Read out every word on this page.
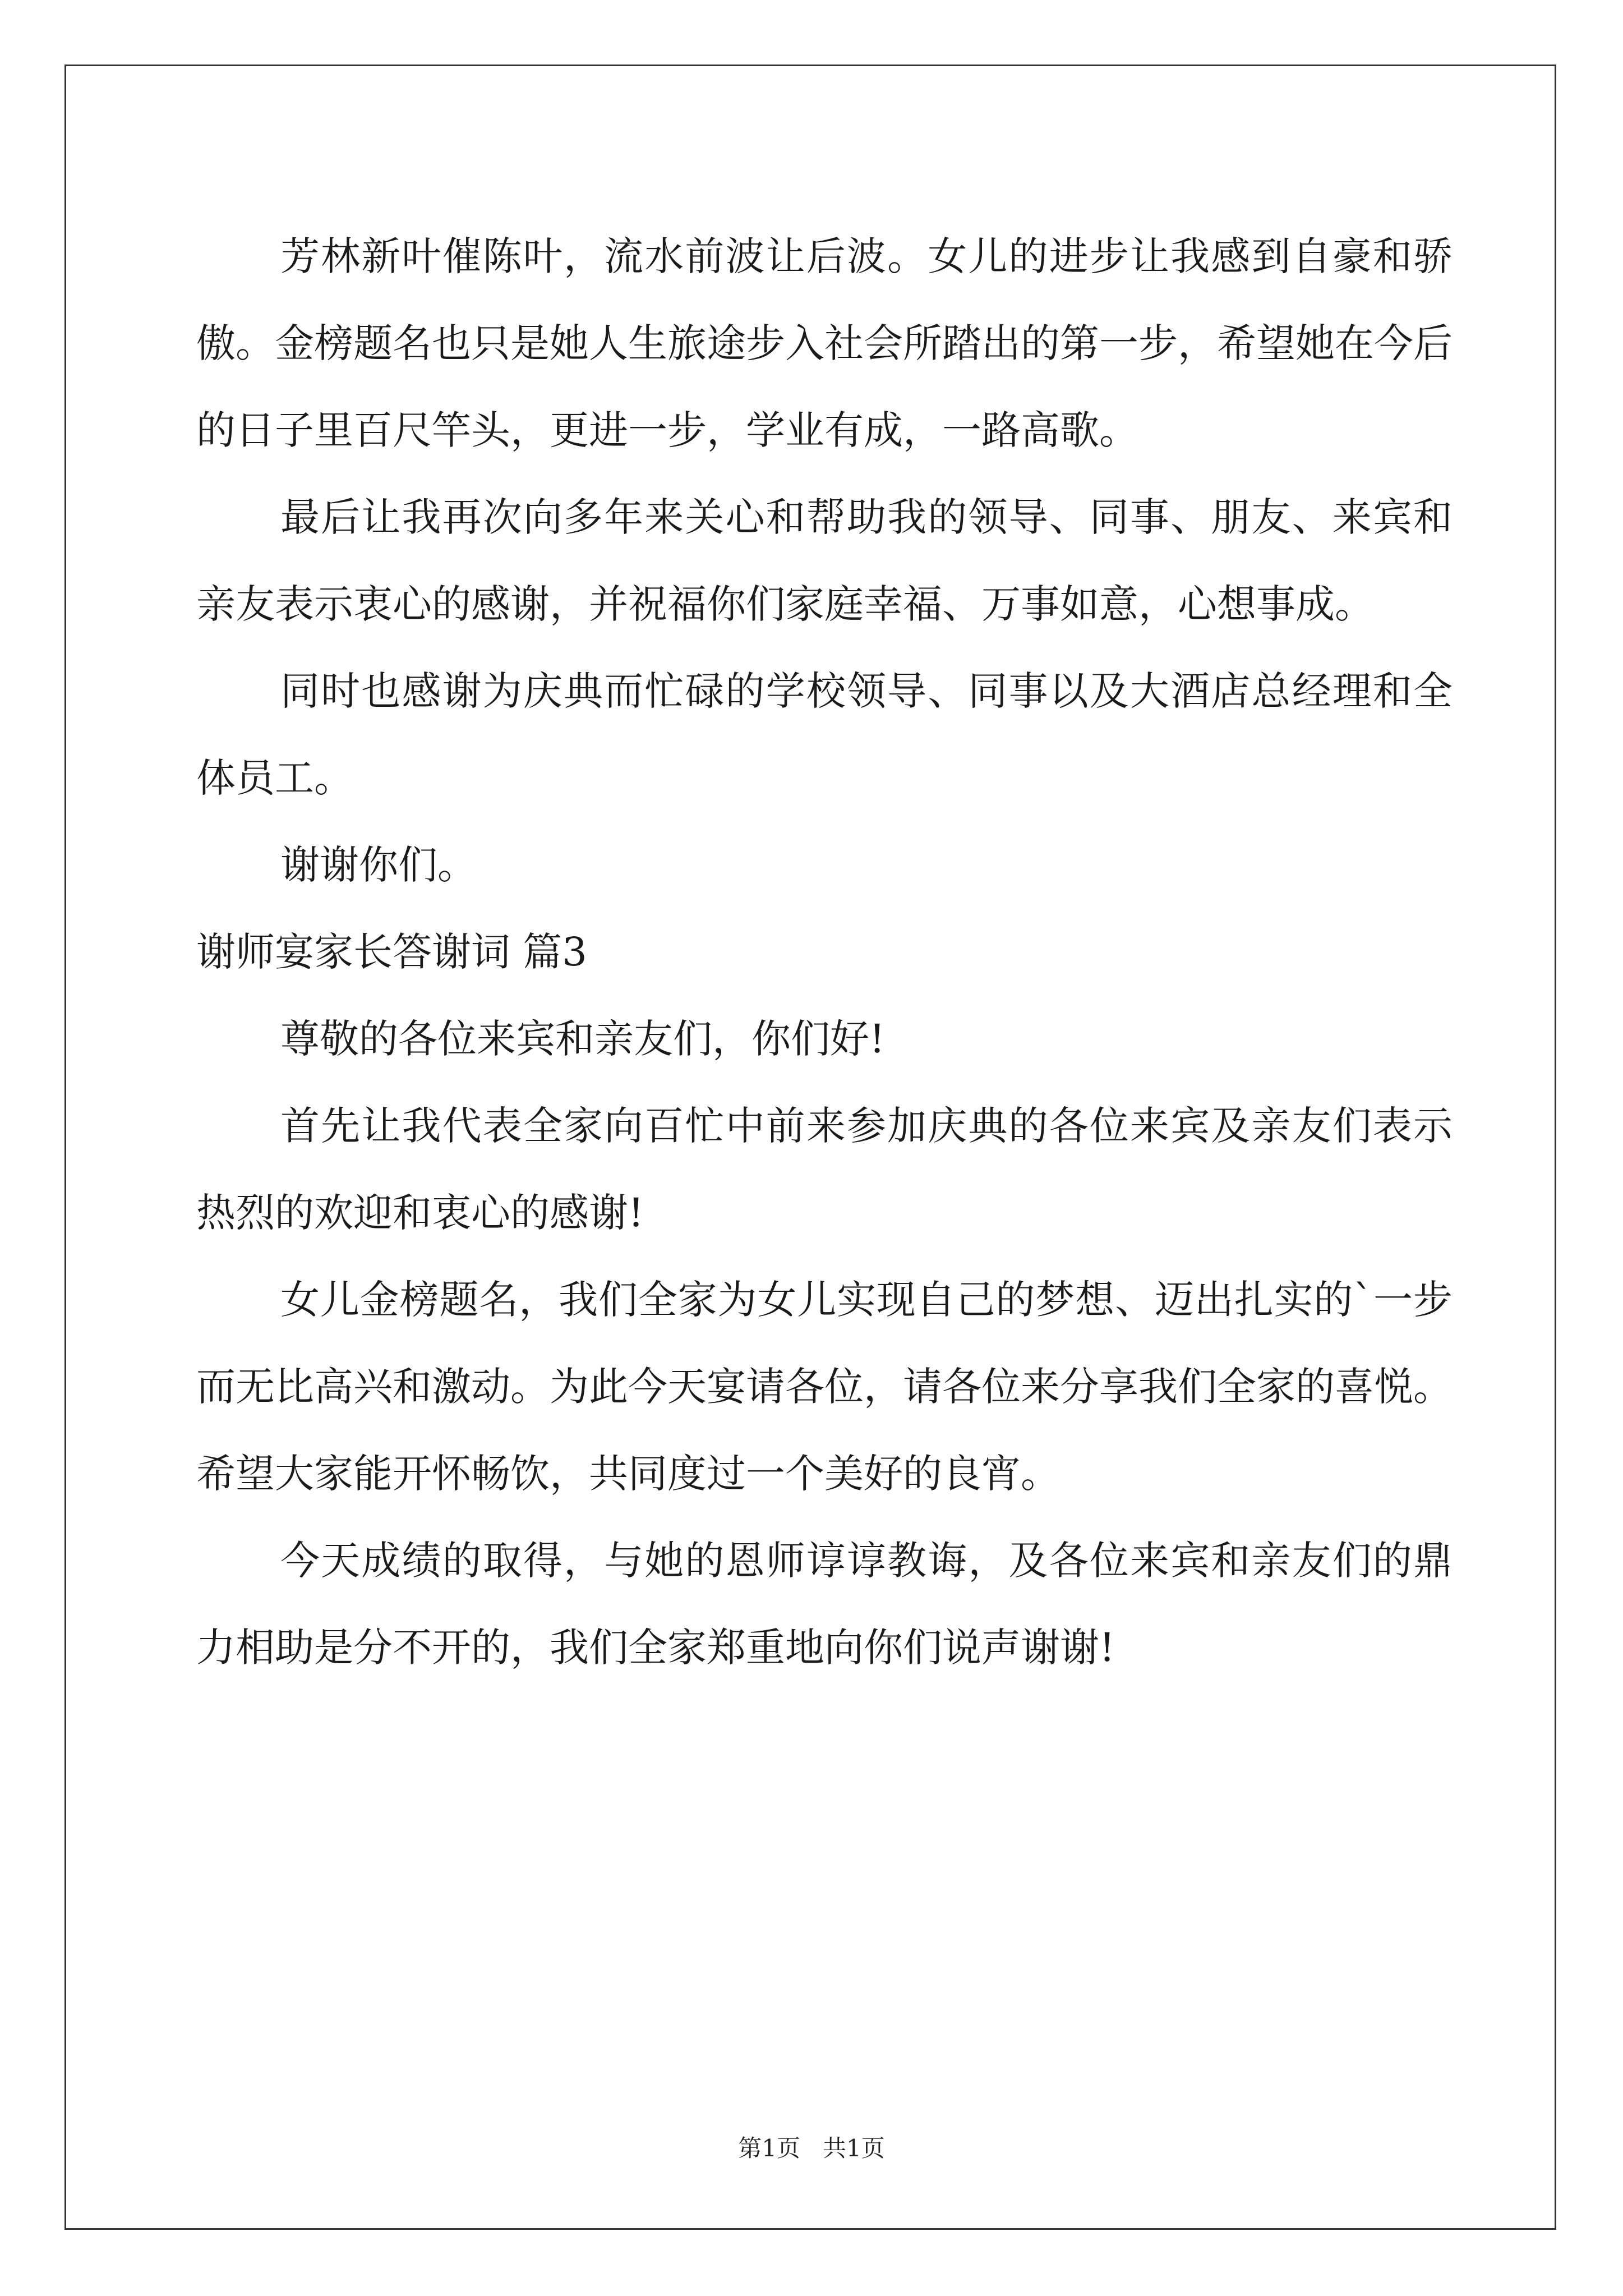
芳林新叶催陈叶，流水前波让后波。女儿的进步让我感到自豪和骄傲。金榜题名也只是她人生旅途步入社会所踏出的第一步，希望她在今后的日子里百尺竿头，更进一步，学业有成，一路高歌。

最后让我再次向多年来关心和帮助我的领导、同事、朋友、来宾和亲友表示衷心的感谢，并祝福你们家庭幸福、万事如意，心想事成。

同时也感谢为庆典而忙碌的学校领导、同事以及大酒店总经理和全体员工。

谢谢你们。

谢师宴家长答谢词 篇3

尊敬的各位来宾和亲友们，你们好!

首先让我代表全家向百忙中前来参加庆典的各位来宾及亲友们表示热烈的欢迎和衷心的感谢!

女儿金榜题名，我们全家为女儿实现自己的梦想、迈出扎实的`一步而无比高兴和激动。为此今天宴请各位，请各位来分享我们全家的喜悦。希望大家能开怀畅饮，共同度过一个美好的良宵。

今天成绩的取得，与她的恩师谆谆教诲，及各位来宾和亲友们的鼎力相助是分不开的，我们全家郑重地向你们说声谢谢!

第1页 共1页
